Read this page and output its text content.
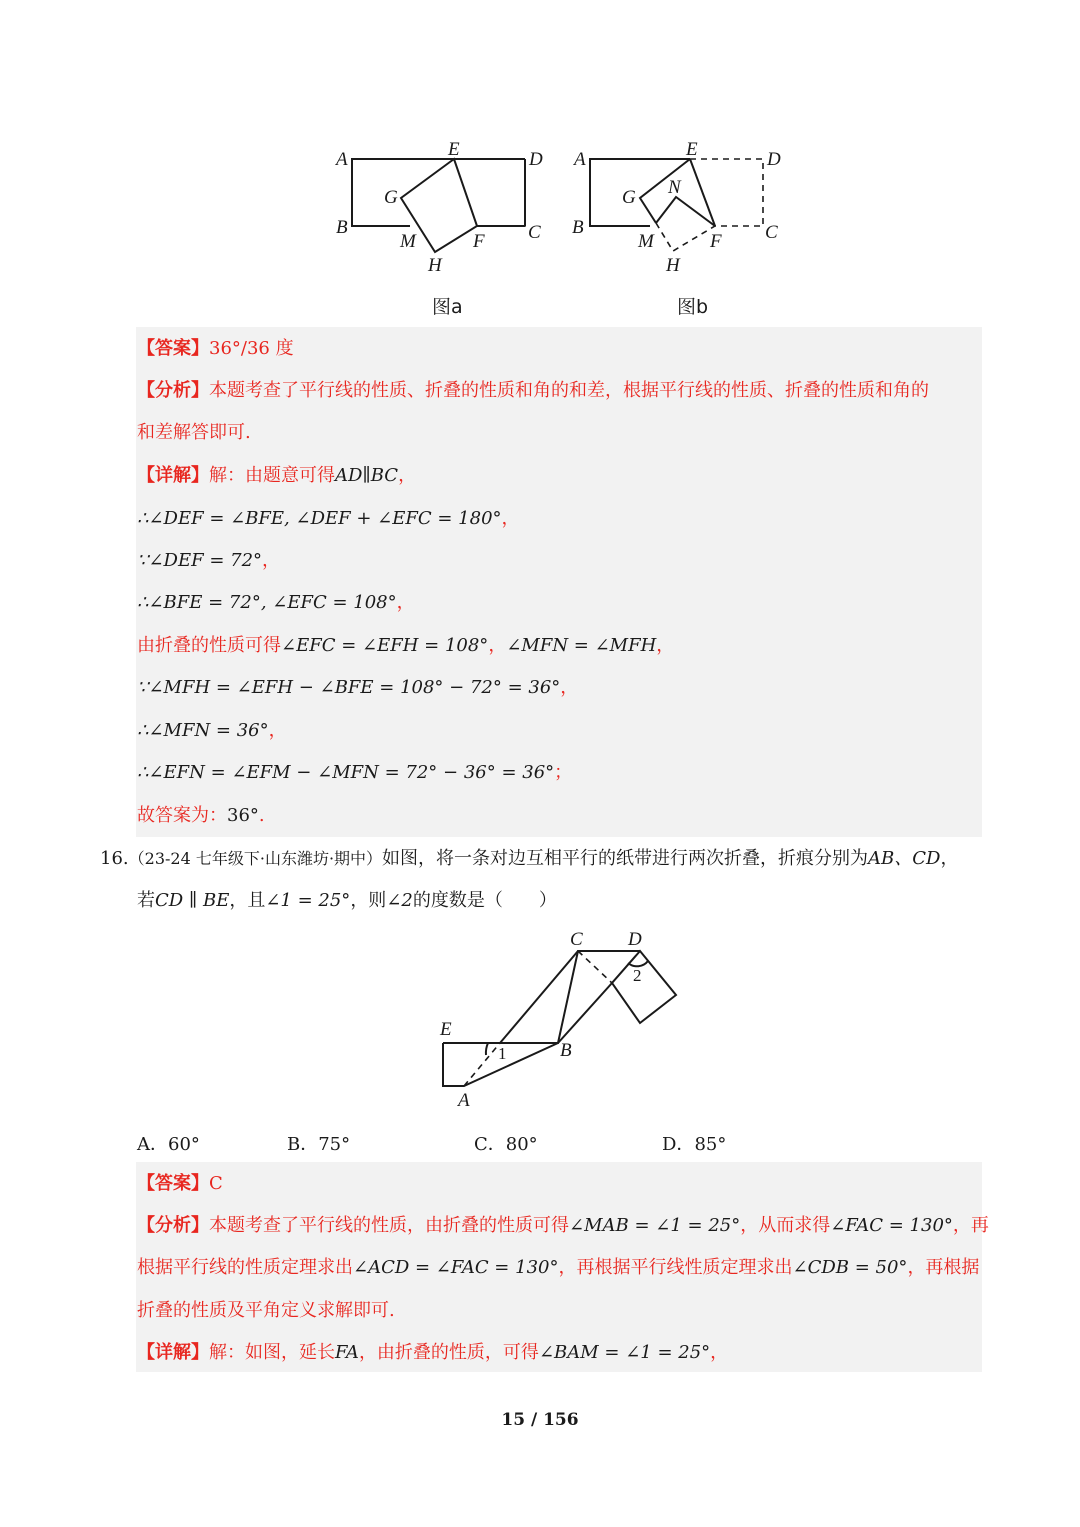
A
B	C
D
E
F
G
H
M
图a
A
B	C
D
E
F
G
H
M
N
图b
【答案】36°/36 度
【分析】本题考查了平行线的性质、折叠的性质和角的和差，根据平行线的性质、折叠的性质和角的
和差解答即可.
【详解】解：由题意可得AD∥BC，
∴∠DEF = ∠BFE, ∠DEF + ∠EFC = 180°，
∵∠DEF = 72°，
∴∠BFE = 72°, ∠EFC = 108°，
由折叠的性质可得∠EFC = ∠EFH = 108°，∠MFN = ∠MFH，
∵∠MFH = ∠EFH − ∠BFE = 108° − 72° = 36°，
∴∠MFN = 36°，
∴∠EFN = ∠EFM − ∠MFN = 72° − 36° = 36°；
故答案为：36°.
16.（23-24 七年级下·山东潍坊·期中）如图，将一条对边互相平行的纸带进行两次折叠，折痕分别为AB、CD，
若CD ∥ BE，且∠1 = 25°，则∠2的度数是（　　）
E
A
B
C D
1
2
A．60°	B．75°	C．80°	D．85°
【答案】C
【分析】本题考查了平行线的性质，由折叠的性质可得∠MAB = ∠1 = 25°，从而求得∠FAC = 130°，再
根据平行线的性质定理求出∠ACD = ∠FAC = 130°，再根据平行线性质定理求出∠CDB = 50°，再根据
折叠的性质及平角定义求解即可.
【详解】解：如图，延长FA，由折叠的性质，可得∠BAM = ∠1 = 25°，
15 / 156
